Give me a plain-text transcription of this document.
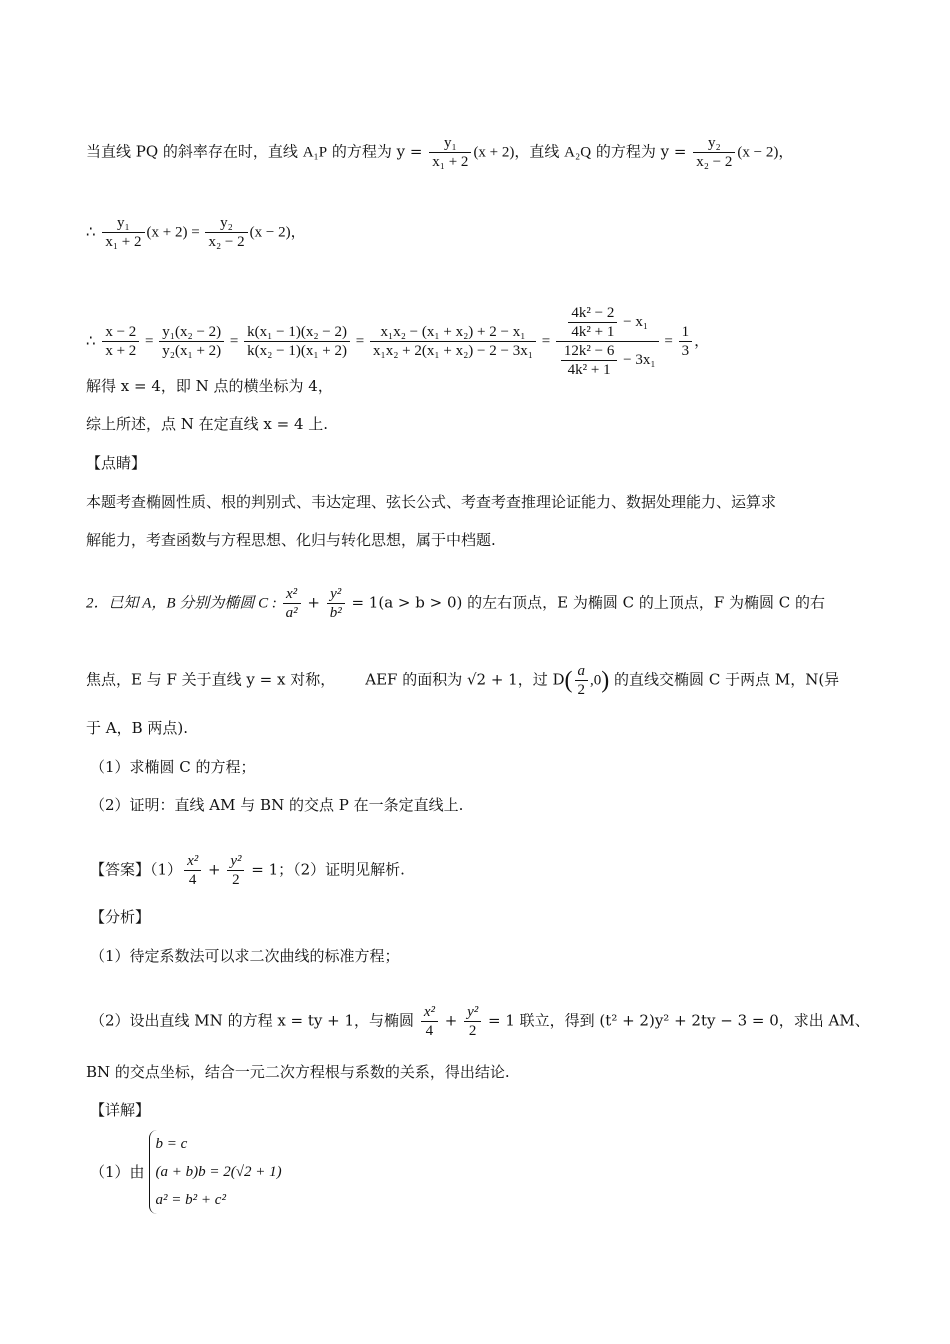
当直线 PQ 的斜率存在时，直线 A₁P 的方程为 $y = \frac{\text{y₁}}{\text{x₁ + 2}} (x + 2)$，直线 A₂Q 的方程为 $y = \frac{\text{y₂}}{\text{x₂ − 2}} (x - 2)$，
∴ $\frac{\text{y₁}}{\text{x₁ + 2}} (x + 2) = \frac{\text{y₂}}{\text{x₂ − 2}} (x - 2)$，
∴ $\frac{x - 2}{x + 2} = \frac{\text{y₁(x₂ − 2)}}{\text{y₂(x₁ + 2)}} = \frac{\text{k(x₁ − 1)(x₂ − 2)}}{\text{k(x₂ − 1)(x₁ + 2)}} = \frac{\text{x₁x₂ − (x₁ + x₂) + 2 − x₁}}{\text{x₁x₂ + 2(x₁ + x₂) − 2 − 3x₁}} = \frac{\frac{\text{4k² − 2}}{\text{4k² + 1}} - x_1}{\frac{\text{12k² − 6}}{\text{4k² + 1}} - 3x_1} = \frac{1}{3}$ ，
解得 x = 4，即 N 点的横坐标为 4，
综上所述，点 N 在定直线 x = 4 上.
【点睛】
本题考查椭圆性质、根的判别式、韦达定理、弦长公式、考查考查推理论证能力、数据处理能力、运算求
解能力，考查函数与方程思想、化归与转化思想，属于中档题.
2．已知 A，B 分别为椭圆 C : $\frac{\text{x²}}{\text{a²}} + \frac{\text{y²}}{\text{b²}} = 1(a > b > 0)$ 的左右顶点，E 为椭圆 C 的上顶点，F 为椭圆 C 的右
焦点，E 与 F 关于直线 y = x 对称， AEF 的面积为 √2 + 1，过 $D( \frac{a}{2} ,0)$ 的直线交椭圆 C 于两点 M，N(异
于 A，B 两点).
（1）求椭圆 C 的方程；
（2）证明：直线 AM 与 BN 的交点 P 在一条定直线上.
【答案】$(1) \frac{\text{x²}}{4} + \frac{\text{y²}}{2} = 1$；（2）证明见解析.
【分析】
（1）待定系数法可以求二次曲线的标准方程；
（2）设出直线 MN 的方程 x = ty + 1，与椭圆 $\frac{\text{x²}}{4} + \frac{\text{y²}}{2} = 1$ 联立，得到 (t² + 2)y² + 2ty − 3 = 0，求出 AM、
BN 的交点坐标，结合一元二次方程根与系数的关系，得出结论.
【详解】
（1）由
b = c
(a + b)b = 2(√2 + 1)
a² = b² + c²
